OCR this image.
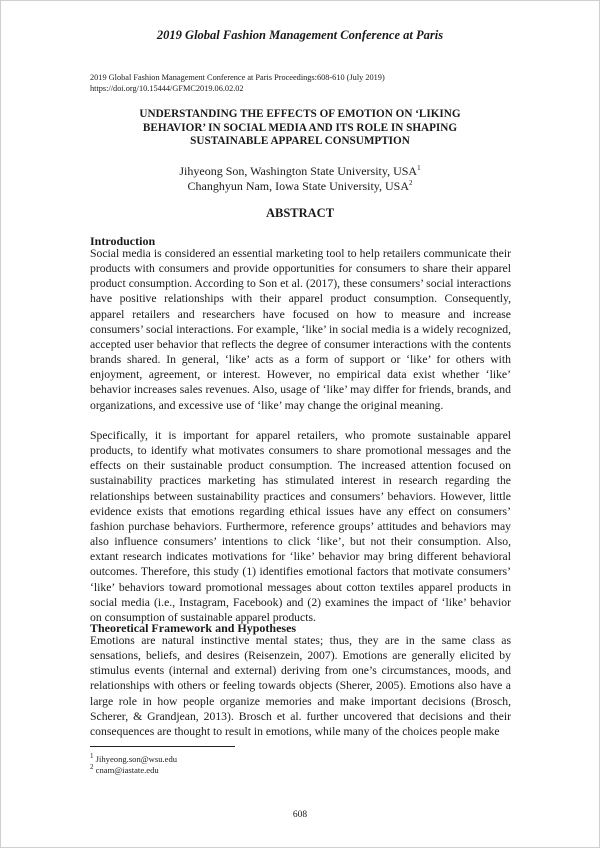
2019 Global Fashion Management Conference at Paris
2019 Global Fashion Management Conference at Paris Proceedings:608-610 (July 2019)
https://doi.org/10.15444/GFMC2019.06.02.02
UNDERSTANDING THE EFFECTS OF EMOTION ON ‘LIKING
BEHAVIOR’ IN SOCIAL MEDIA AND ITS ROLE IN SHAPING
SUSTAINABLE APPAREL CONSUMPTION
Jihyeong Son, Washington State University, USA$^1$
Changhyun Nam, Iowa State University, USA$^2$
ABSTRACT
Introduction
Social media is considered an essential marketing tool to help retailers communicate their products with consumers and provide opportunities for consumers to share their apparel product consumption. According to Son et al. (2017), these consumers’ social interactions have positive relationships with their apparel product consumption. Consequently, apparel retailers and researchers have focused on how to measure and increase consumers’ social interactions. For example, ‘like’ in social media is a widely recognized, accepted user behavior that reflects the degree of consumer interactions with the contents brands shared. In general, ‘like’ acts as a form of support or ‘like’ for others with enjoyment, agreement, or interest. However, no empirical data exist whether ‘like’ behavior increases sales revenues. Also, usage of ‘like’ may differ for friends, brands, and organizations, and excessive use of ‘like’ may change the original meaning.
Specifically, it is important for apparel retailers, who promote sustainable apparel products, to identify what motivates consumers to share promotional messages and the effects on their sustainable product consumption. The increased attention focused on sustainability practices marketing has stimulated interest in research regarding the relationships between sustainability practices and consumers’ behaviors. However, little evidence exists that emotions regarding ethical issues have any effect on consumers’ fashion purchase behaviors. Furthermore, reference groups’ attitudes and behaviors may also influence consumers’ intentions to click ‘like’, but not their consumption. Also, extant research indicates motivations for ‘like’ behavior may bring different behavioral outcomes. Therefore, this study (1) identifies emotional factors that motivate consumers’ ‘like’ behaviors toward promotional messages about cotton textiles apparel products in social media (i.e., Instagram, Facebook) and (2) examines the impact of ‘like’ behavior on consumption of sustainable apparel products.
Theoretical Framework and Hypotheses
Emotions are natural instinctive mental states; thus, they are in the same class as sensations, beliefs, and desires (Reisenzein, 2007). Emotions are generally elicited by stimulus events (internal and external) deriving from one’s circumstances, moods, and relationships with others or feeling towards objects (Sherer, 2005). Emotions also have a large role in how people organize memories and make important decisions (Brosch, Scherer, & Grandjean, 2013). Brosch et al. further uncovered that decisions and their consequences are thought to result in emotions, while many of the choices people make
$^1$ Jihyeong.son@wsu.edu
$^2$ cnam@iastate.edu
608
